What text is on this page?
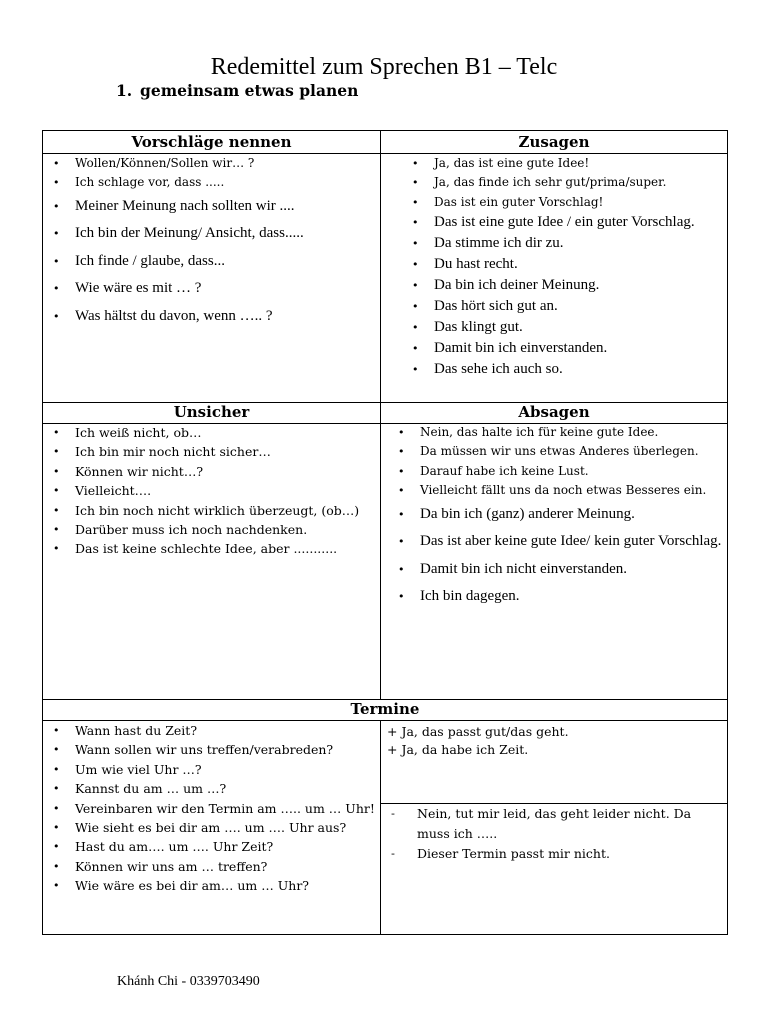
Redemittel zum Sprechen B1 – Telc
1. gemeinsam etwas planen
Vorschläge nennen	Zusagen
• Wollen/Können/Sollen wir… ?
• Ich schlage vor, dass .....
• Meiner Meinung nach sollten wir ....
• Ich bin der Meinung/ Ansicht, dass.....
• Ich finde / glaube, dass...
• Wie wäre es mit … ?
• Was hältst du davon, wenn ….. ?
• Ja, das ist eine gute Idee!
• Ja, das finde ich sehr gut/prima/super.
• Das ist ein guter Vorschlag!
• Das ist eine gute Idee / ein guter Vorschlag.
• Da stimme ich dir zu.
• Du hast recht.
• Da bin ich deiner Meinung.
• Das hört sich gut an.
• Das klingt gut.
• Damit bin ich einverstanden.
• Das sehe ich auch so.
Unsicher	Absagen
• Ich weiß nicht, ob…
• Ich bin mir noch nicht sicher…
• Können wir nicht…?
• Vielleicht….
• Ich bin noch nicht wirklich überzeugt, (ob…)
• Darüber muss ich noch nachdenken.
• Das ist keine schlechte Idee, aber ...........
• Nein, das halte ich für keine gute Idee.
• Da müssen wir uns etwas Anderes überlegen.
• Darauf habe ich keine Lust.
• Vielleicht fällt uns da noch etwas Besseres ein.
• Da bin ich (ganz) anderer Meinung.
• Das ist aber keine gute Idee/ kein guter Vorschlag.
• Damit bin ich nicht einverstanden.
• Ich bin dagegen.
Termine
• Wann hast du Zeit?
• Wann sollen wir uns treffen/verabreden?
• Um wie viel Uhr …?
• Kannst du am … um …?
• Vereinbaren wir den Termin am ….. um … Uhr!
• Wie sieht es bei dir am …. um …. Uhr aus?
• Hast du am…. um …. Uhr Zeit?
• Können wir uns am … treffen?
• Wie wäre es bei dir am… um … Uhr?
+ Ja, das passt gut/das geht.
+ Ja, da habe ich Zeit.
- Nein, tut mir leid, das geht leider nicht. Da muss ich …..
- Dieser Termin passt mir nicht.
Khánh Chi - 0339703490
